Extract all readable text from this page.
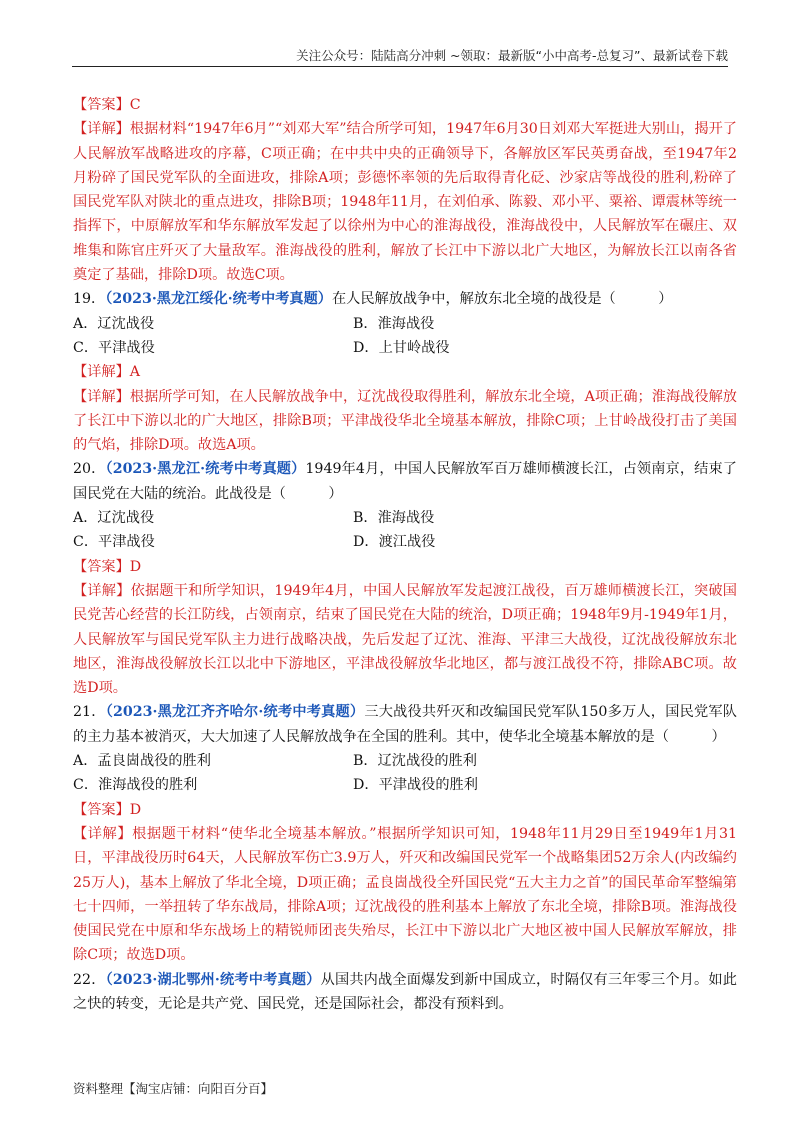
关注公众号：陆陆高分冲刺 ~领取：最新版“小中高考-总复习”、最新试卷下载

【答案】C

【详解】根据材料“1947年6月”“刘邓大军”结合所学可知，1947年6月30日刘邓大军挺进大别山，揭开了人民解放军战略进攻的序幕，C项正确；在中共中央的正确领导下，各解放区军民英勇奋战，至1947年2月粉碎了国民党军队的全面进攻，排除A项；彭德怀率领的先后取得青化砭、沙家店等战役的胜利,粉碎了国民党军队对陕北的重点进攻，排除B项；1948年11月，在刘伯承、陈毅、邓小平、粟裕、谭震林等统一指挥下，中原解放军和华东解放军发起了以徐州为中心的淮海战役，淮海战役中，人民解放军在碾庄、双堆集和陈官庄歼灭了大量敌军。淮海战役的胜利，解放了长江中下游以北广大地区，为解放长江以南各省奠定了基础，排除D项。故选C项。

19．（2023·黑龙江绥化·统考中考真题）在人民解放战争中，解放东北全境的战役是（　　　）

A．辽沈战役	B．淮海战役

C．平津战役	D．上甘岭战役

【详解】A

【详解】根据所学可知，在人民解放战争中，辽沈战役取得胜利，解放东北全境，A项正确；淮海战役解放了长江中下游以北的广大地区，排除B项；平津战役华北全境基本解放，排除C项；上甘岭战役打击了美国的气焰，排除D项。故选A项。

20．（2023·黑龙江·统考中考真题）1949年4月，中国人民解放军百万雄师横渡长江，占领南京，结束了国民党在大陆的统治。此战役是（　　　）

A．辽沈战役	B．淮海战役

C．平津战役	D．渡江战役

【答案】D

【详解】依据题干和所学知识，1949年4月，中国人民解放军发起渡江战役，百万雄师横渡长江，突破国民党苦心经营的长江防线，占领南京，结束了国民党在大陆的统治，D项正确；1948年9月-1949年1月，人民解放军与国民党军队主力进行战略决战，先后发起了辽沈、淮海、平津三大战役，辽沈战役解放东北地区，淮海战役解放长江以北中下游地区，平津战役解放华北地区，都与渡江战役不符，排除ABC项。故选D项。

21．（2023·黑龙江齐齐哈尔·统考中考真题）三大战役共歼灭和改编国民党军队150多万人，国民党军队的主力基本被消灭，大大加速了人民解放战争在全国的胜利。其中，使华北全境基本解放的是（　　　）

A．孟良崮战役的胜利	B．辽沈战役的胜利

C．淮海战役的胜利	D．平津战役的胜利

【答案】D

【详解】根据题干材料“使华北全境基本解放。”根据所学知识可知，1948年11月29日至1949年1月31日，平津战役历时64天，人民解放军伤亡3.9万人，歼灭和改编国民党军一个战略集团52万余人(内改编约25万人)，基本上解放了华北全境，D项正确；孟良崮战役全歼国民党“五大主力之首”的国民革命军整编第七十四师，一举扭转了华东战局，排除A项；辽沈战役的胜利基本上解放了东北全境，排除B项。淮海战役使国民党在中原和华东战场上的精锐师团丧失殆尽，长江中下游以北广大地区被中国人民解放军解放，排除C项；故选D项。

22．（2023·湖北鄂州·统考中考真题）从国共内战全面爆发到新中国成立，时隔仅有三年零三个月。如此之快的转变，无论是共产党、国民党，还是国际社会，都没有预料到。

资料整理【淘宝店铺：向阳百分百】
